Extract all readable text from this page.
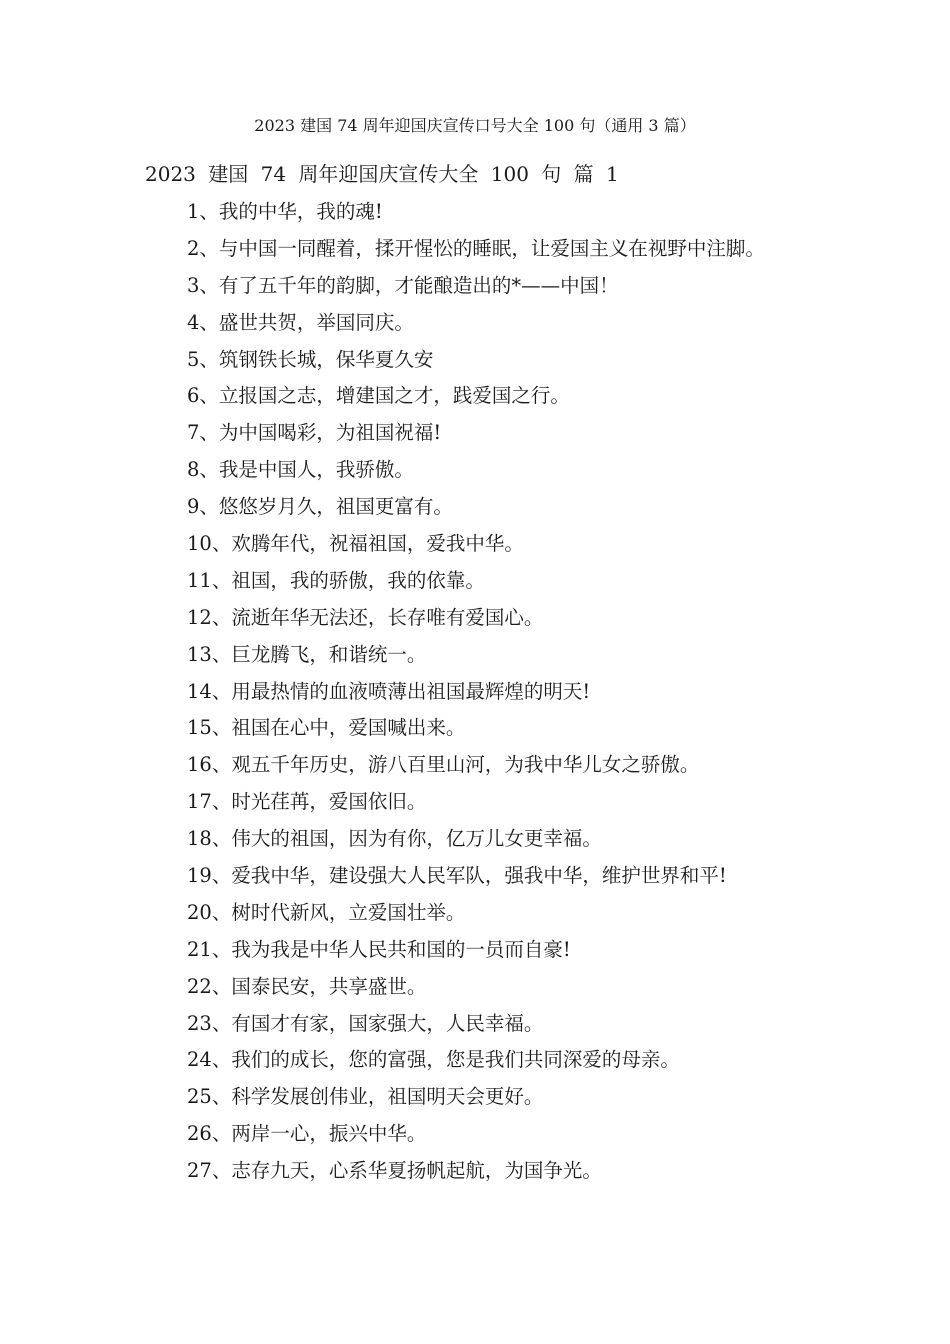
2023 建国 74 周年迎国庆宣传口号大全 100 句（通用 3 篇）
2023 建国 74 周年迎国庆宣传大全 100 句 篇 1
1、我的中华，我的魂!
2、与中国一同醒着，揉开惺忪的睡眠，让爱国主义在视野中注脚。
3、有了五千年的韵脚，才能酿造出的*——中国！
4、盛世共贺，举国同庆。
5、筑钢铁长城，保华夏久安
6、立报国之志，增建国之才，践爱国之行。
7、为中国喝彩，为祖国祝福!
8、我是中国人，我骄傲。
9、悠悠岁月久，祖国更富有。
10、欢腾年代，祝福祖国，爱我中华。
11、祖国，我的骄傲，我的依靠。
12、流逝年华无法还，长存唯有爱国心。
13、巨龙腾飞，和谐统一。
14、用最热情的血液喷薄出祖国最辉煌的明天!
15、祖国在心中，爱国喊出来。
16、观五千年历史，游八百里山河，为我中华儿女之骄傲。
17、时光荏苒，爱国依旧。
18、伟大的祖国，因为有你，亿万儿女更幸福。
19、爱我中华，建设强大人民军队，强我中华，维护世界和平!
20、树时代新风，立爱国壮举。
21、我为我是中华人民共和国的一员而自豪!
22、国泰民安，共享盛世。
23、有国才有家，国家强大，人民幸福。
24、我们的成长，您的富强，您是我们共同深爱的母亲。
25、科学发展创伟业，祖国明天会更好。
26、两岸一心，振兴中华。
27、志存九天，心系华夏扬帆起航，为国争光。
